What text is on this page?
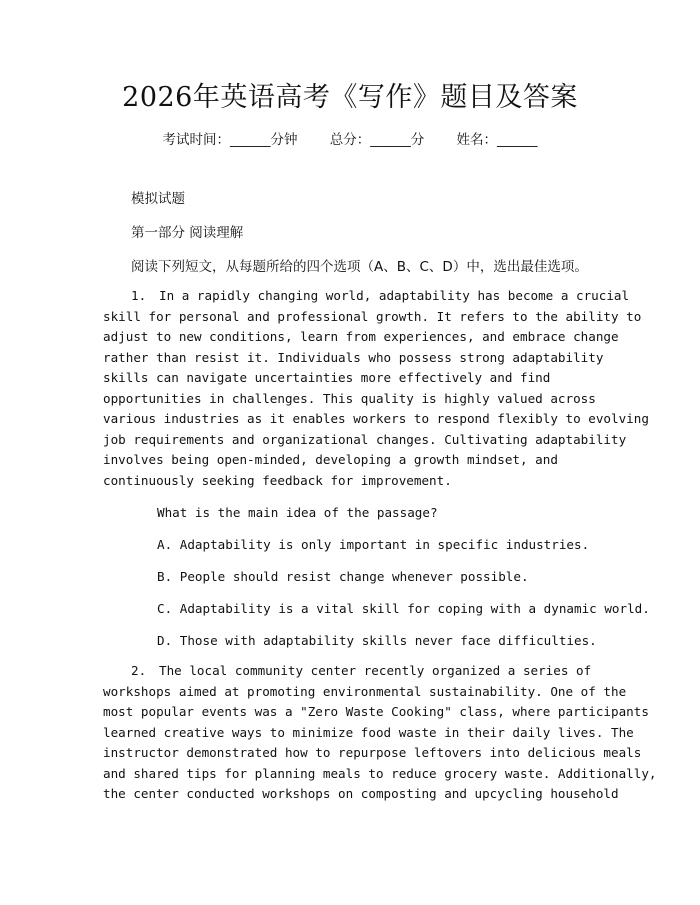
2026年英语高考《写作》题目及答案
考试时间：______分钟 总分：______分 姓名：______
模拟试题
第一部分 阅读理解
阅读下列短文，从每题所给的四个选项（A、B、C、D）中，选出最佳选项。
1. In a rapidly changing world, adaptability has become a crucial
skill for personal and professional growth. It refers to the ability to
adjust to new conditions, learn from experiences, and embrace change
rather than resist it. Individuals who possess strong adaptability
skills can navigate uncertainties more effectively and find
opportunities in challenges. This quality is highly valued across
various industries as it enables workers to respond flexibly to evolving
job requirements and organizational changes. Cultivating adaptability
involves being open-minded, developing a growth mindset, and
continuously seeking feedback for improvement.
What is the main idea of the passage?
A. Adaptability is only important in specific industries.
B. People should resist change whenever possible.
C. Adaptability is a vital skill for coping with a dynamic world.
D. Those with adaptability skills never face difficulties.
2. The local community center recently organized a series of
workshops aimed at promoting environmental sustainability. One of the
most popular events was a "Zero Waste Cooking" class, where participants
learned creative ways to minimize food waste in their daily lives. The
instructor demonstrated how to repurpose leftovers into delicious meals
and shared tips for planning meals to reduce grocery waste. Additionally,
the center conducted workshops on composting and upcycling household
